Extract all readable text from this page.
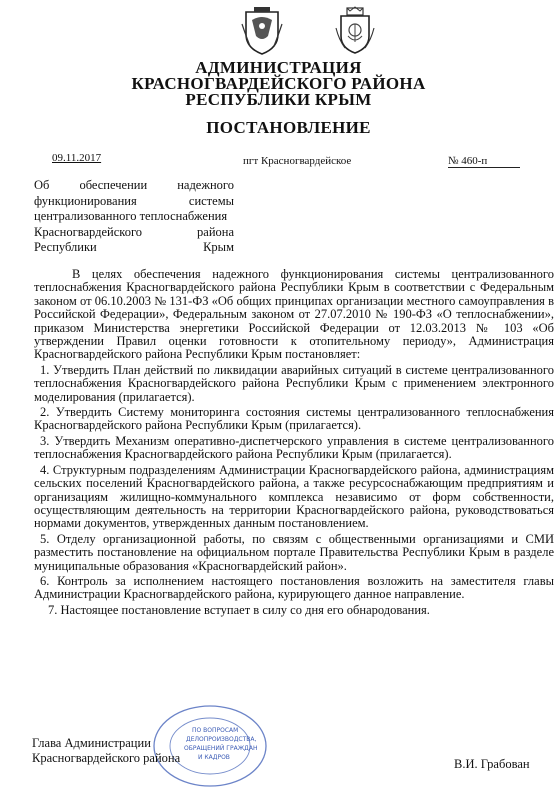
АДМИНИСТРАЦИЯ
КРАСНОГВАРДЕЙСКОГО РАЙОНА
РЕСПУБЛИКИ КРЫМ
ПОСТАНОВЛЕНИЕ
09.11.2017	пгт Красногвардейское	№ 460-п
Об обеспечении надежного
функционирования системы
централизованного теплоснабжения
Красногвардейского района
Республики Крым

В целях обеспечения надежного функционирования системы централизованного теплоснабжения Красногвардейского района Республики Крым в соответствии с Федеральным законом от 06.10.2003 № 131-ФЗ «Об общих принципах организации местного самоуправления в Российской Федерации», Федеральным законом от 27.07.2010 № 190-ФЗ «О теплоснабжении», приказом Министерства энергетики Российской Федерации от 12.03.2013 № 103 «Об утверждении Правил оценки готовности к отопительному периоду», Администрация Красногвардейского района Республики Крым постановляет:

1. Утвердить План действий по ликвидации аварийных ситуаций в системе централизованного теплоснабжения Красногвардейского района Республики Крым с применением электронного моделирования (прилагается).

2. Утвердить Систему мониторинга состояния системы централизованного теплоснабжения Красногвардейского района Республики Крым (прилагается).

3. Утвердить Механизм оперативно-диспетчерского управления в системе централизованного теплоснабжения Красногвардейского района Республики Крым (прилагается).

4. Структурным подразделениям Администрации Красногвардейского района, администрациям сельских поселений Красногвардейского района, а также ресурсоснабжающим предприятиям и организациям жилищно-коммунального комплекса независимо от форм собственности, осуществляющим деятельность на территории Красногвардейского района, руководствоваться нормами документов, утвержденных данным постановлением.

5. Отделу организационной работы, по связям с общественными организациями и СМИ разместить постановление на официальном портале Правительства Республики Крым в разделе муниципальные образования «Красногвардейский район».

6. Контроль за исполнением настоящего постановления возложить на заместителя главы Администрации Красногвардейского района, курирующего данное направление.

7. Настоящее постановление вступает в силу со дня его обнародования.

ПО ВОПРОСАМ
ДЕЛОПРОИЗВОДСТВА,
ОБРАЩЕНИЙ ГРАЖДАН
И КАДРОВ
Глава Администрации
Красногвардейского района	В.И. Грабован
